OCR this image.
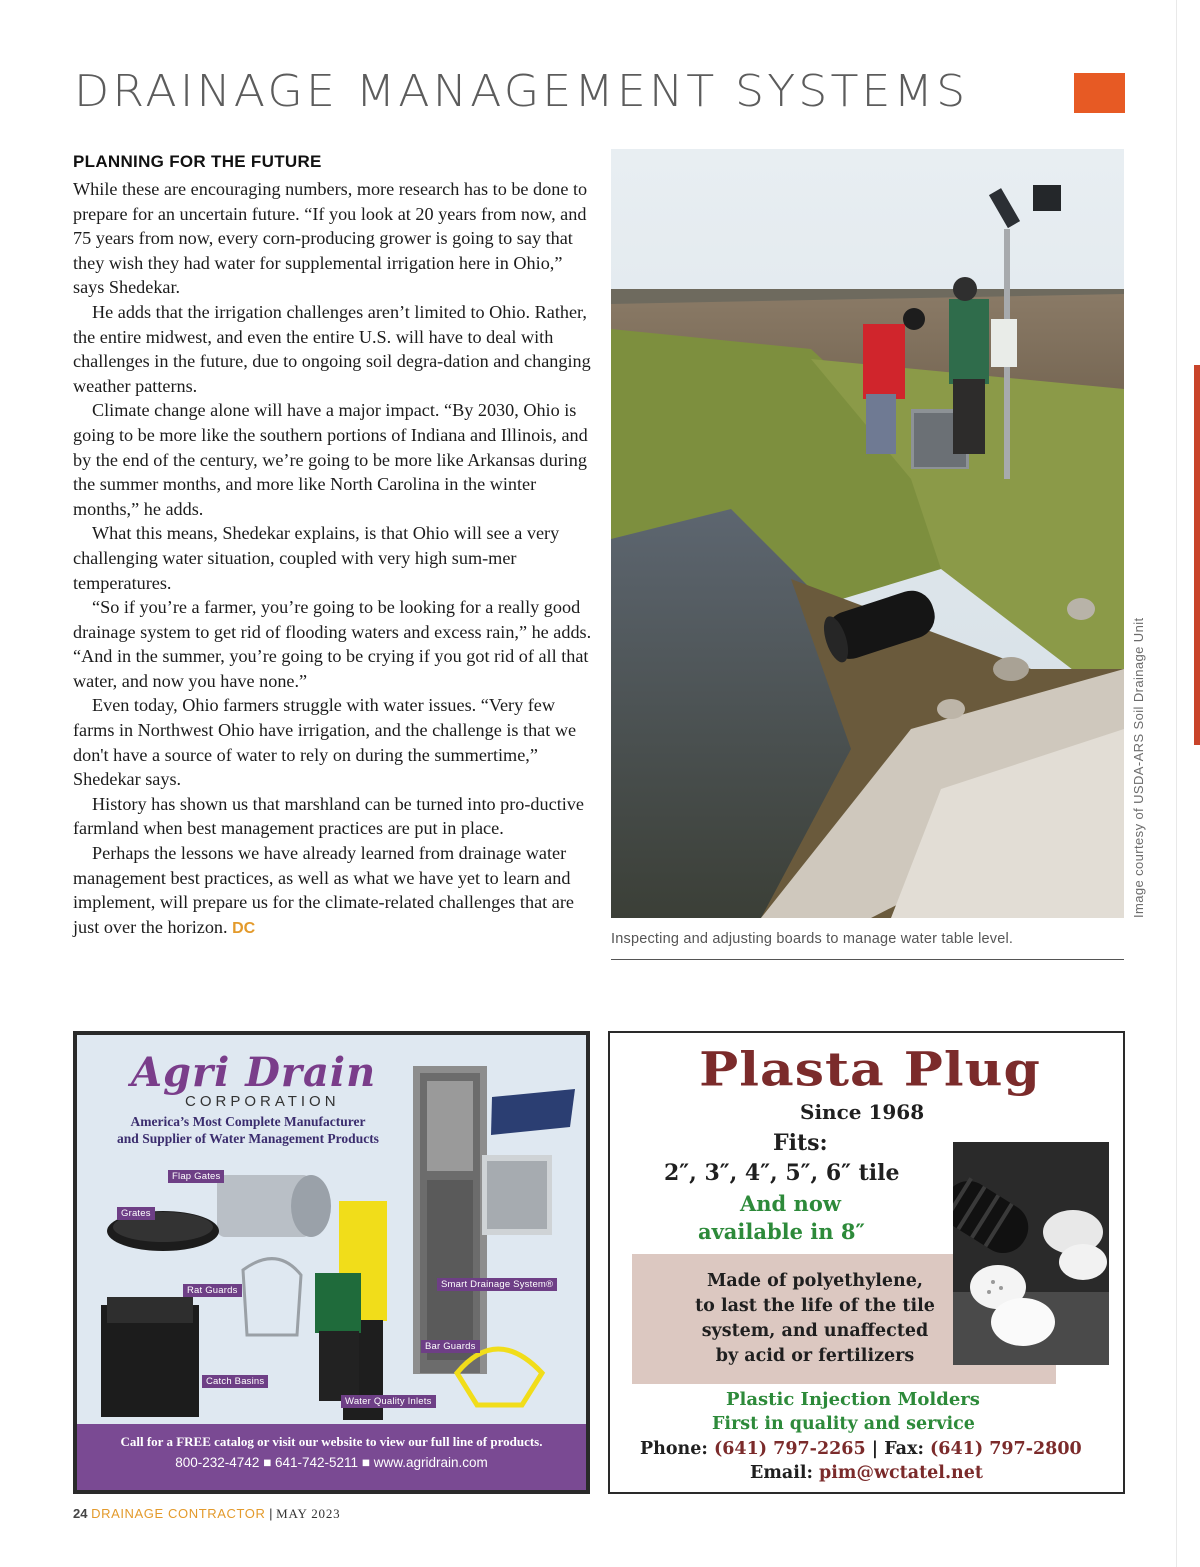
DRAINAGE MANAGEMENT SYSTEMS
PLANNING FOR THE FUTURE

While these are encouraging numbers, more research has to be done to prepare for an uncertain future. “If you look at 20 years from now, and 75 years from now, every corn-producing grower is going to say that they wish they had water for supplemental irrigation here in Ohio,” says Shedekar.

He adds that the irrigation challenges aren’t limited to Ohio. Rather, the entire midwest, and even the entire U.S. will have to deal with challenges in the future, due to ongoing soil degra-dation and changing weather patterns.

Climate change alone will have a major impact. “By 2030, Ohio is going to be more like the southern portions of Indiana and Illinois, and by the end of the century, we’re going to be more like Arkansas during the summer months, and more like North Carolina in the winter months,” he adds.

What this means, Shedekar explains, is that Ohio will see a very challenging water situation, coupled with very high sum-mer temperatures.

“So if you’re a farmer, you’re going to be looking for a really good drainage system to get rid of flooding waters and excess rain,” he adds. “And in the summer, you’re going to be crying if you got rid of all that water, and now you have none.”

Even today, Ohio farmers struggle with water issues. “Very few farms in Northwest Ohio have irrigation, and the challenge is that we don't have a source of water to rely on during the summertime,” Shedekar says.

History has shown us that marshland can be turned into pro-ductive farmland when best management practices are put in place.

Perhaps the lessons we have already learned from drainage water management best practices, as well as what we have yet to learn and implement, will prepare us for the climate-related challenges that are just over the horizon. DC

Image courtesy of USDA-ARS Soil Drainage Unit
Inspecting and adjusting boards to manage water table level.
Agri Drain
CORPORATION
America’s Most Complete Manufacturer
and Supplier of Water Management Products
Flap Gates
Grates
Rat Guards
Smart Drainage System®
Bar Guards
Catch Basins
Water Quality Inlets
Call for a FREE catalog or visit our website to view our full line of products.
800-232-4742 ■ 641-742-5211 ■ www.agridrain.com
Plasta Plug
Since 1968
Fits:
2″, 3″, 4″, 5″, 6″ tile
And now
available in 8″
Made of polyethylene,
to last the life of the tile
system, and unaffected
by acid or fertilizers
Plastic Injection Molders
First in quality and service
Phone: (641) 797-2265 | Fax: (641) 797-2800
Email: pim@wctatel.net
24 DRAINAGE CONTRACTOR | MAY 2023
